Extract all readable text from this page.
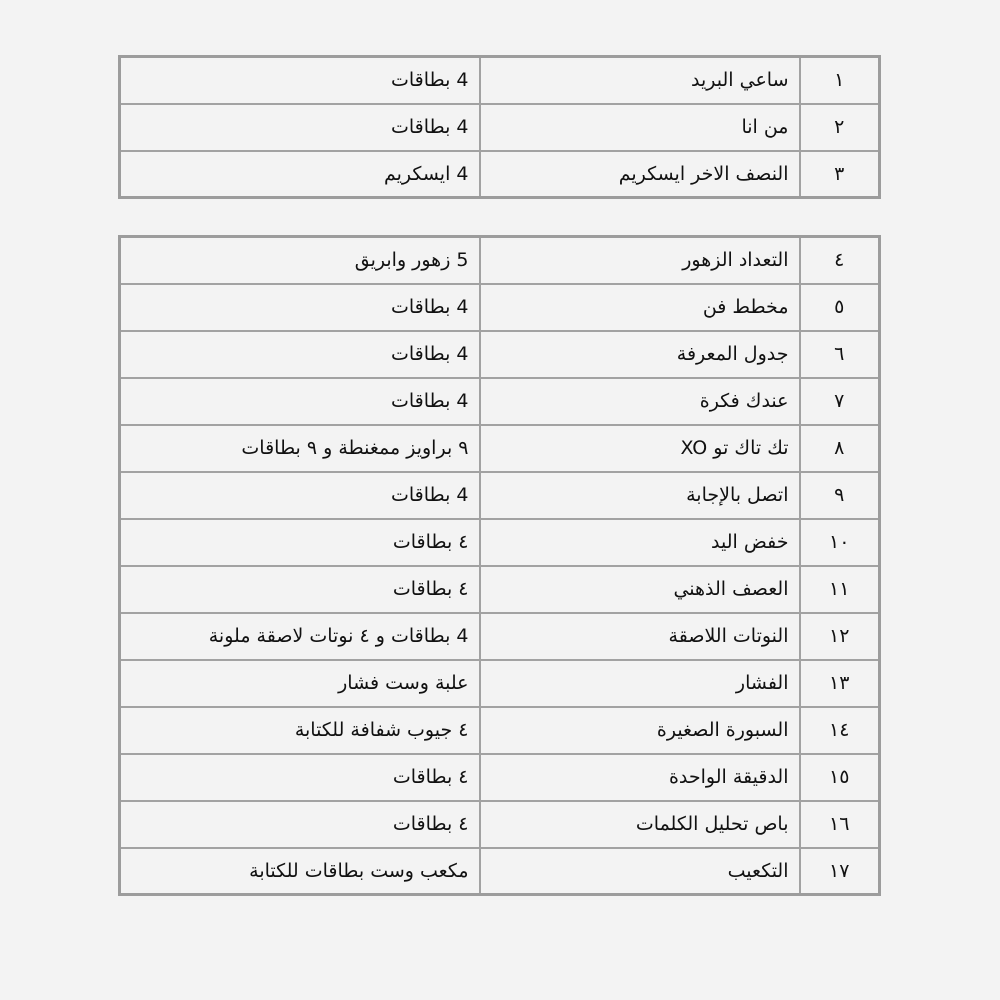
١	ساعي البريد	4 بطاقات
٢	من انا	4 بطاقات
٣	النصف الاخر ايسكريم	4 ايسكريم
٤	التعداد الزهور	5 زهور وابريق
٥	مخطط فن	4 بطاقات
٦	جدول المعرفة	4 بطاقات
٧	عندك فكرة	4 بطاقات
٨	تك تاك تو XO	٩ براويز ممغنطة و ٩ بطاقات
٩	اتصل بالإجابة	4 بطاقات
١٠	خفض اليد	٤ بطاقات
١١	العصف الذهني	٤ بطاقات
١٢	النوتات اللاصقة	4 بطاقات و ٤ نوتات لاصقة ملونة
١٣	الفشار	علبة وست فشار
١٤	السبورة الصغيرة	٤ جيوب شفافة للكتابة
١٥	الدقيقة الواحدة	٤ بطاقات
١٦	باص تحليل الكلمات	٤ بطاقات
١٧	التكعيب	مكعب وست بطاقات للكتابة
